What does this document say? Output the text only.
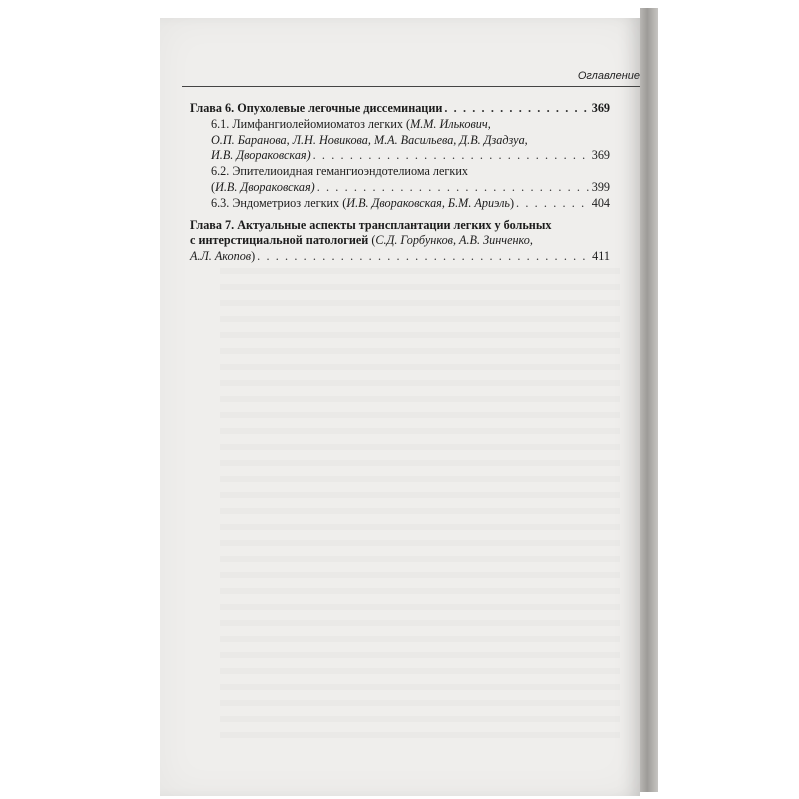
Оглавление
Глава 6. Опухолевые легочные диссеминации . . .	369
6.1. Лимфангиолейомиоматоз легких (М.М. Илькович,
О.П. Баранова, Л.Н. Новикова, М.А. Васильева, Д.В. Дзадзуа,
И.В. Двораковская) . . .	369
6.2. Эпителиоидная гемангиоэндотелиома легких
(И.В. Двораковская) . . .	399
6.3. Эндометриоз легких (И.В. Двораковская, Б.М. Ариэль) . . .	404
Глава 7. Актуальные аспекты трансплантации легких у больных
с интерстициальной патологией (С.Д. Горбунков, А.В. Зинченко,
А.Л. Акопов) . . .	411
